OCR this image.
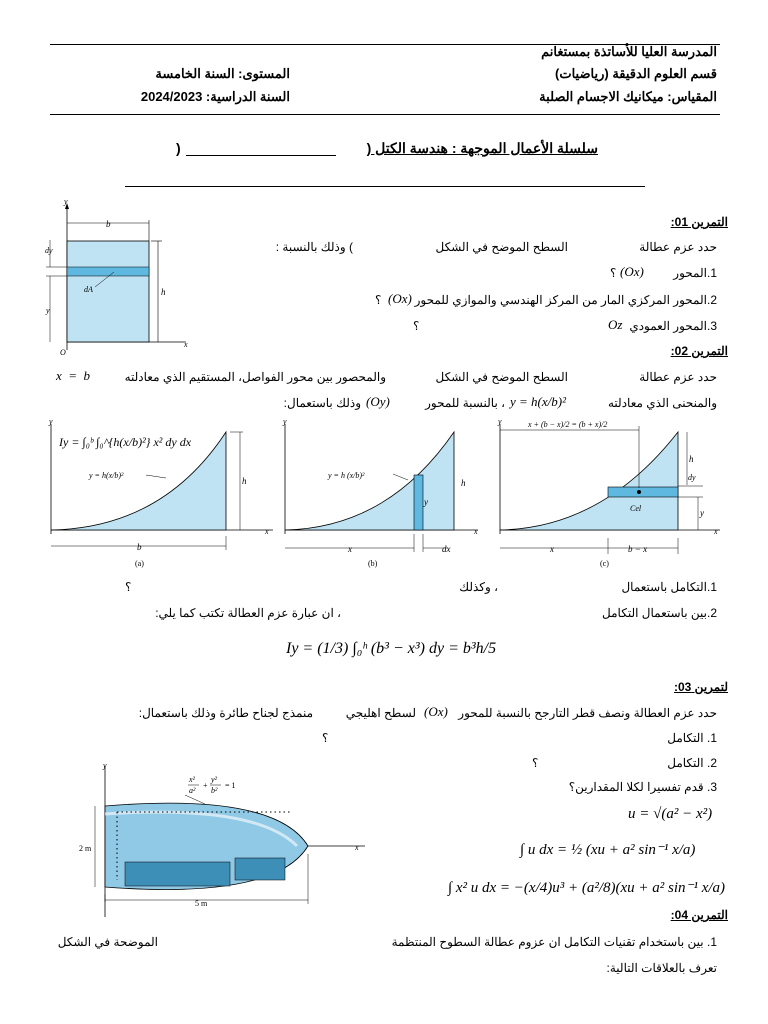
المدرسة العليا للأساتذة بمستغانم
قسم العلوم الدقيقة (رياضيات)
المقياس: ميكانيك الاجسام الصلبة
المستوى: السنة الخامسة
السنة الدراسية: 2024/2023
سلسلة الأعمال الموجهة : هندسة الكتل (
)
y
b
dy
dA	h
y
x
O
التمرين 01:
حدد عزم عطالة
السطح الموضح في الشكل
) وذلك بالنسبة :
1.المحور
(Ox)
؟
2.المحور المركزي المار من المركز الهندسي والموازي للمحور
(Ox)
؟
3.المحور العمودي
Oz
؟
التمرين 02:
حدد عزم عطالة
السطح الموضح في الشكل
والمحصور بين محور الفواصل، المستقيم الذي معادلته
x  =  b
والمنحنى الذي معادلته
y = h(x/b)²
، بالنسبة للمحور
(Oy)
وذلك باستعمال:
y
Iy = ∫₀ᵇ ∫₀^{h(x/b)²} x² dy dx
y = h(x/b)²
h
x
b
(a)
y
y = h (x/b)²
h
y
x
x	dx
(b)
y	x + (b − x)/2 = (b + x)/2
dy
h
y
Cel
x
x	b − x
(c)
1.التكامل باستعمال
، وكذلك
؟
2.بين باستعمال التكامل
، ان عبارة عزم العطالة تكتب كما يلي:
Iy = (1/3) ∫₀ʰ (b³ − x³) dy = b³h/5
لتمرين 03:
حدد عزم العطالة ونصف قطر التارجح بالنسبة للمحور
(Ox)
لسطح اهليجي
منمذج لجناح طائرة وذلك باستعمال:
1. التكامل
؟
2. التكامل
؟
3. قدم تفسيرا لكلا المقدارين؟
u = √(a² − x²)
∫ u dx = ½ (xu + a² sin⁻¹ x/a)
∫ x² u dx = −(x/4)u³ + (a²/8)(xu + a² sin⁻¹ x/a)
y
x²
a²
y²
b²
+ = 1
2 m	x
5 m
التمرين 04:
1. بين باستخدام تقنيات التكامل ان عزوم عطالة السطوح المنتظمة
الموضحة في الشكل
تعرف بالعلاقات التالية:
